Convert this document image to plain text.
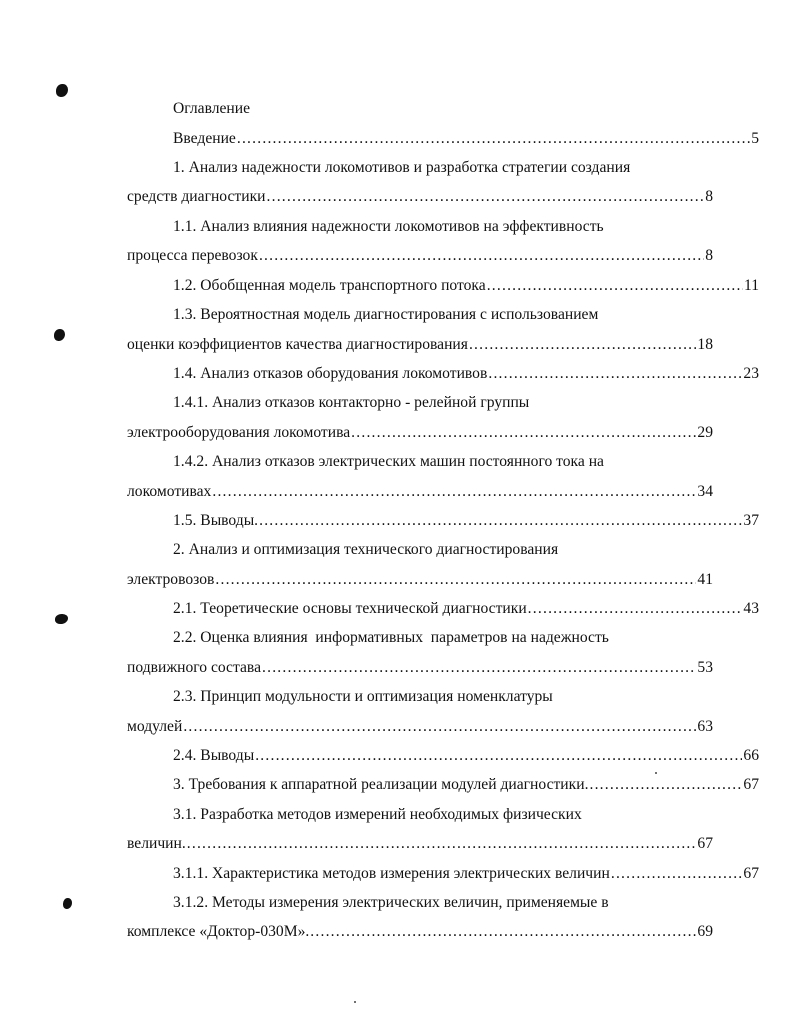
Оглавление
Введение .....	5
1. Анализ надежности локомотивов и разработка стратегии создания
средств диагностики .....	8
1.1. Анализ влияния надежности локомотивов на эффективность
процесса перевозок .....	8
1.2. Обобщенная модель транспортного потока .....	11
1.3. Вероятностная модель диагностирования с использованием
оценки коэффициентов качества диагностирования .....	18
1.4. Анализ отказов оборудования локомотивов .....	23
1.4.1. Анализ отказов контакторно - релейной группы
электрооборудования локомотива .....	29
1.4.2. Анализ отказов электрических машин постоянного тока на
локомотивах .....	34
1.5. Выводы. .....	37
2. Анализ и оптимизация технического диагностирования
электровозов .....	41
2.1. Теоретические основы технической диагностики .....	43
2.2. Оценка влияния  информативных  параметров на надежность
подвижного состава .....	53
2.3. Принцип модульности и оптимизация номенклатуры
модулей .....	63
2.4. Выводы .....	66
3. Требования к аппаратной реализации модулей диагностики. .....	67
3.1. Разработка методов измерений необходимых физических
величин. .....	67
3.1.1. Характеристика методов измерения электрических величин .....	67
3.1.2. Методы измерения электрических величин, применяемые в
комплексе «Доктор-030М». .....	69
